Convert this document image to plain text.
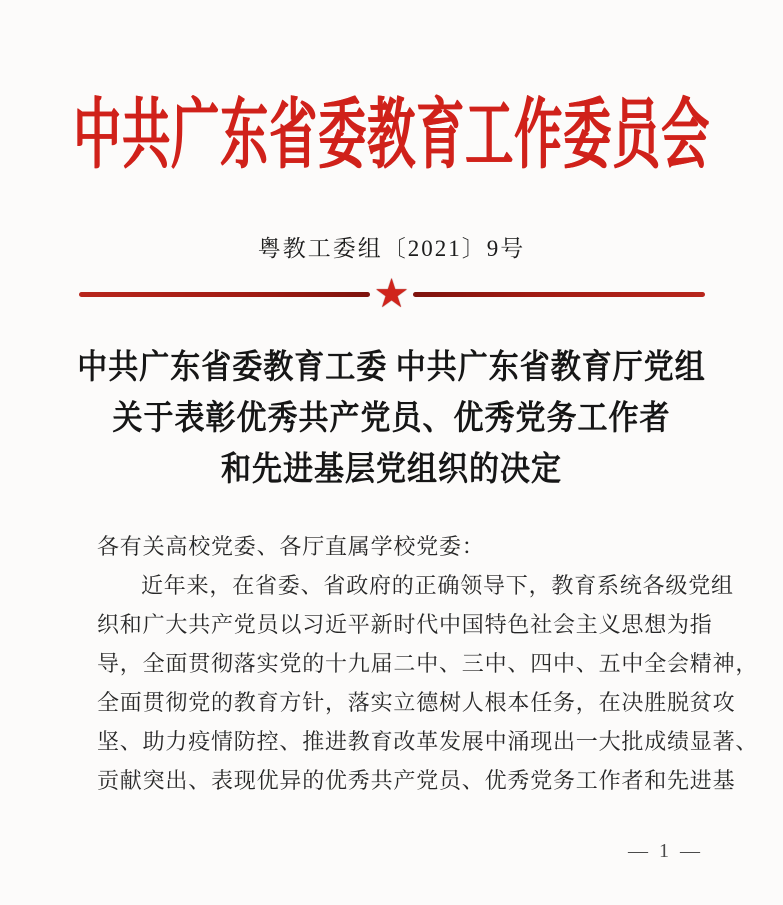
中共广东省委教育工作委员会
粤教工委组〔2021〕9号
★
中共广东省委教育工委 中共广东省教育厅党组
关于表彰优秀共产党员、优秀党务工作者
和先进基层党组织的决定
各有关高校党委、各厅直属学校党委：
近年来，在省委、省政府的正确领导下，教育系统各级党组
织和广大共产党员以习近平新时代中国特色社会主义思想为指
导，全面贯彻落实党的十九届二中、三中、四中、五中全会精神，
全面贯彻党的教育方针，落实立德树人根本任务，在决胜脱贫攻
坚、助力疫情防控、推进教育改革发展中涌现出一大批成绩显著、
贡献突出、表现优异的优秀共产党员、优秀党务工作者和先进基
— 1 —
